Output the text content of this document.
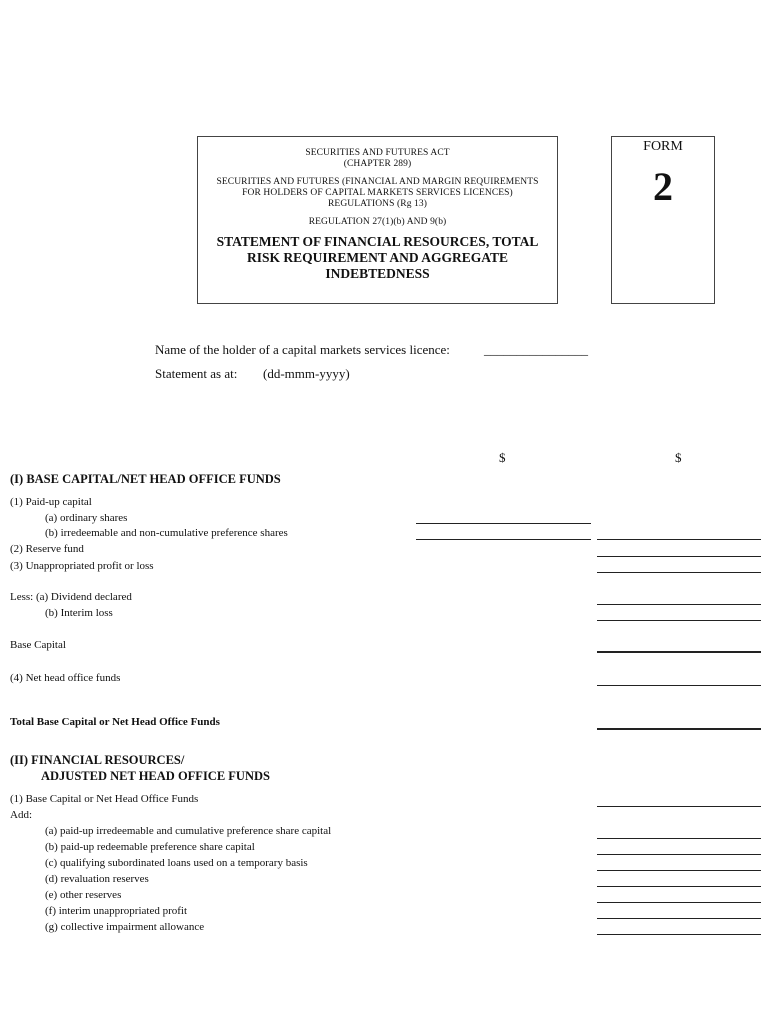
SECURITIES AND FUTURES ACT
(CHAPTER 289)
SECURITIES AND FUTURES (FINANCIAL AND MARGIN REQUIREMENTS
FOR HOLDERS OF CAPITAL MARKETS SERVICES LICENCES)
REGULATIONS (Rg 13)
REGULATION 27(1)(b) AND 9(b)
STATEMENT OF FINANCIAL RESOURCES, TOTAL
RISK REQUIREMENT AND AGGREGATE
INDEBTEDNESS
FORM
2
Name of the holder of a capital markets services licence:	________________
Statement as at: (dd-mmm-yyyy)
$	$
(I) BASE CAPITAL/NET HEAD OFFICE FUNDS
(1) Paid-up capital
(a) ordinary shares
(b) irredeemable and non-cumulative preference shares
(2) Reserve fund
(3) Unappropriated profit or loss
Less: (a) Dividend declared
(b) Interim loss
Base Capital
(4) Net head office funds
Total Base Capital or Net Head Office Funds
(II) FINANCIAL RESOURCES/
ADJUSTED NET HEAD OFFICE FUNDS
(1) Base Capital or Net Head Office Funds
Add:
(a) paid-up irredeemable and cumulative preference share capital
(b) paid-up redeemable preference share capital
(c) qualifying subordinated loans used on a temporary basis
(d) revaluation reserves
(e) other reserves
(f) interim unappropriated profit
(g) collective impairment allowance
